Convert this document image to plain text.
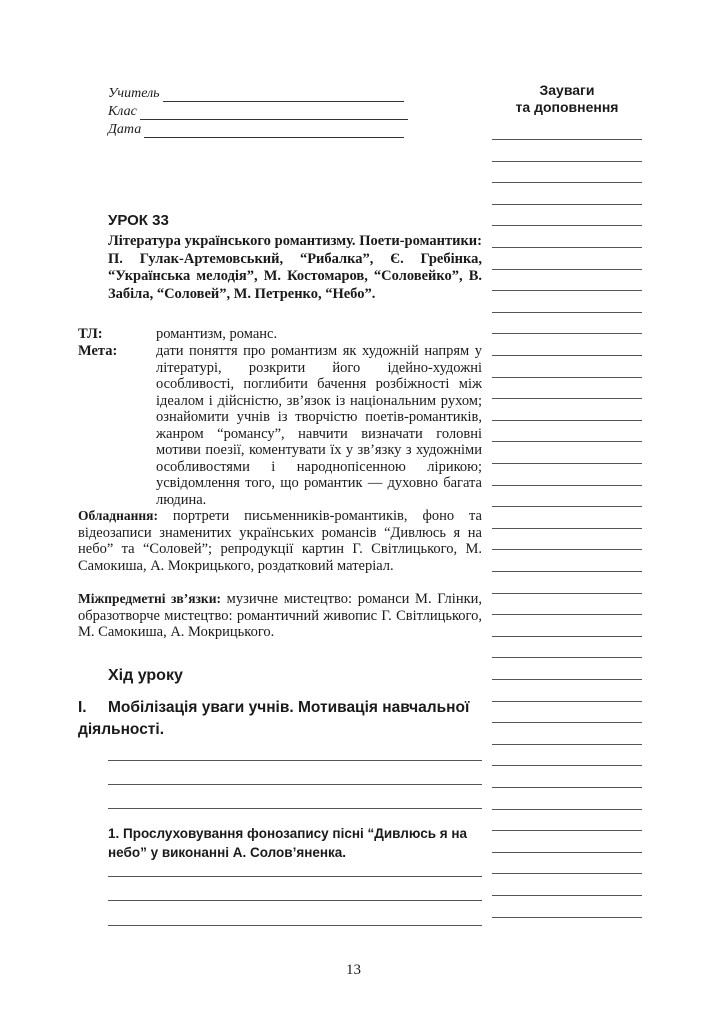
Учитель
Клас
Дата
Зауваги
та доповнення
УРОК 33
Література українського романтизму. Поети-романтики: П. Гулак-Артемовський, “Рибалка”, Є. Гребінка, “Українська мелодія”, М. Костомаров, “Соловейко”, В. Забіла, “Соловей”, М. Петренко, “Небо”.
ТЛ:	романтизм, романс.
Мета:	дати поняття про романтизм як художній напрям у літературі, розкрити його ідейно-художні особливості, поглибити бачення розбіжності між ідеалом і дійсністю, зв’язок із національним рухом; ознайомити учнів із творчістю поетів-романтиків, жанром “романсу”, навчити визначати головні мотиви поезії, коментувати їх у зв’язку з художніми особливостями і народнопісенною лірикою; усвідомлення того, що романтик — духовно багата людина.
Обладнання: портрети письменників-романтиків, фоно та відеозаписи знаменитих українських романсів “Дивлюсь я на небо” та “Соловей”; репродукції картин Г. Світлицького, М. Самокиша, А. Мокрицького, роздатковий матеріал.
Міжпредметні зв’язки: музичне мистецтво: романси М. Глінки, образотворче мистецтво: романтичний живопис Г. Світлицького, М. Самокиша, А. Мокрицького.
Хід уроку
I. Мобілізація уваги учнів. Мотивація навчальної діяльності.
1. Прослуховування фонозапису пісні “Дивлюсь я на небо” у виконанні А. Солов’яненка.
13
